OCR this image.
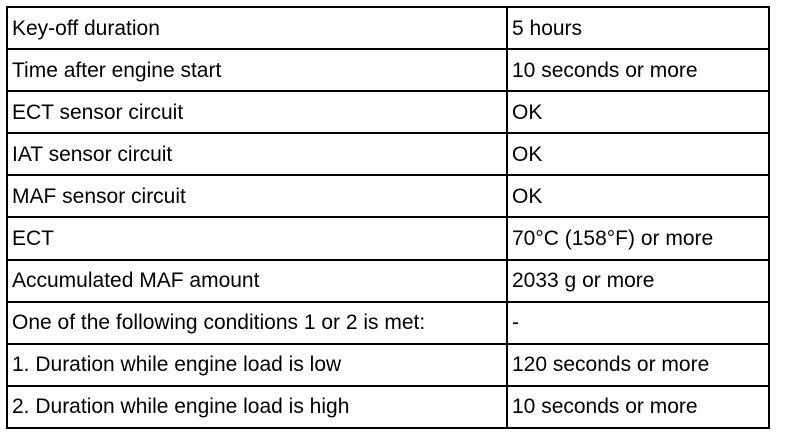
Key-off duration	5 hours
Time after engine start	10 seconds or more
ECT sensor circuit	OK
IAT sensor circuit	OK
MAF sensor circuit	OK
ECT	70°C (158°F) or more
Accumulated MAF amount	2033 g or more
One of the following conditions 1 or 2 is met:	-
1. Duration while engine load is low	120 seconds or more
2. Duration while engine load is high	10 seconds or more
